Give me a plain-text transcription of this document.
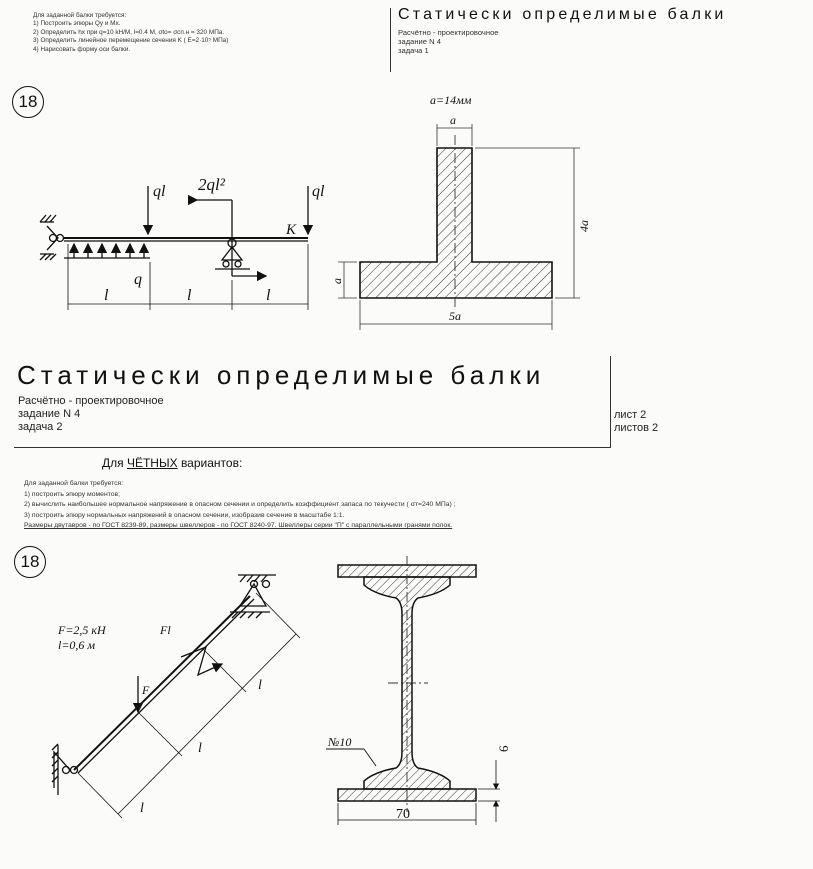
Для заданной балки требуется:
1) Построить эпюры Qу и Мх.
2) Определить hх при q=10 kH/M, l=0.4 M, σtо= σсп.н = 320 MПа.
3) Определить линейное перемещение сечения K ( E=2·10⁵ МПа)
4) Нарисовать форму оси балки.
Статически определимые балки
Расчётно - проектировочное
задание N 4
задача 1
18
ql 2ql²	ql
K
q
l	l	l
a=14мм
a
4a
a
5a
F=2,5 кН
l=0,6 м
Fl
F	l
l
l
№10	6
70
Статически определимые балки
Расчётно - проектировочное
задание N 4
задача 2
лист 2
листов 2
Для ЧЁТНЫХ вариантов:
Для заданной балки требуется:
1) построить эпюру моментов;
2) вычислить наибольшее нормальное напряжение в опасном сечении и определить коэффициент запаса по текучести ( σт=240 МПа) ;
3) построить эпюру нормальных напряжений в опасном сечении, изобразив сечение в масштабе 1:1.
Размеры двутавров - по ГОСТ 8239-89, размеры швеллеров - по ГОСТ 8240-97. Швеллеры серии "П" с параллельными гранями полок.
18
